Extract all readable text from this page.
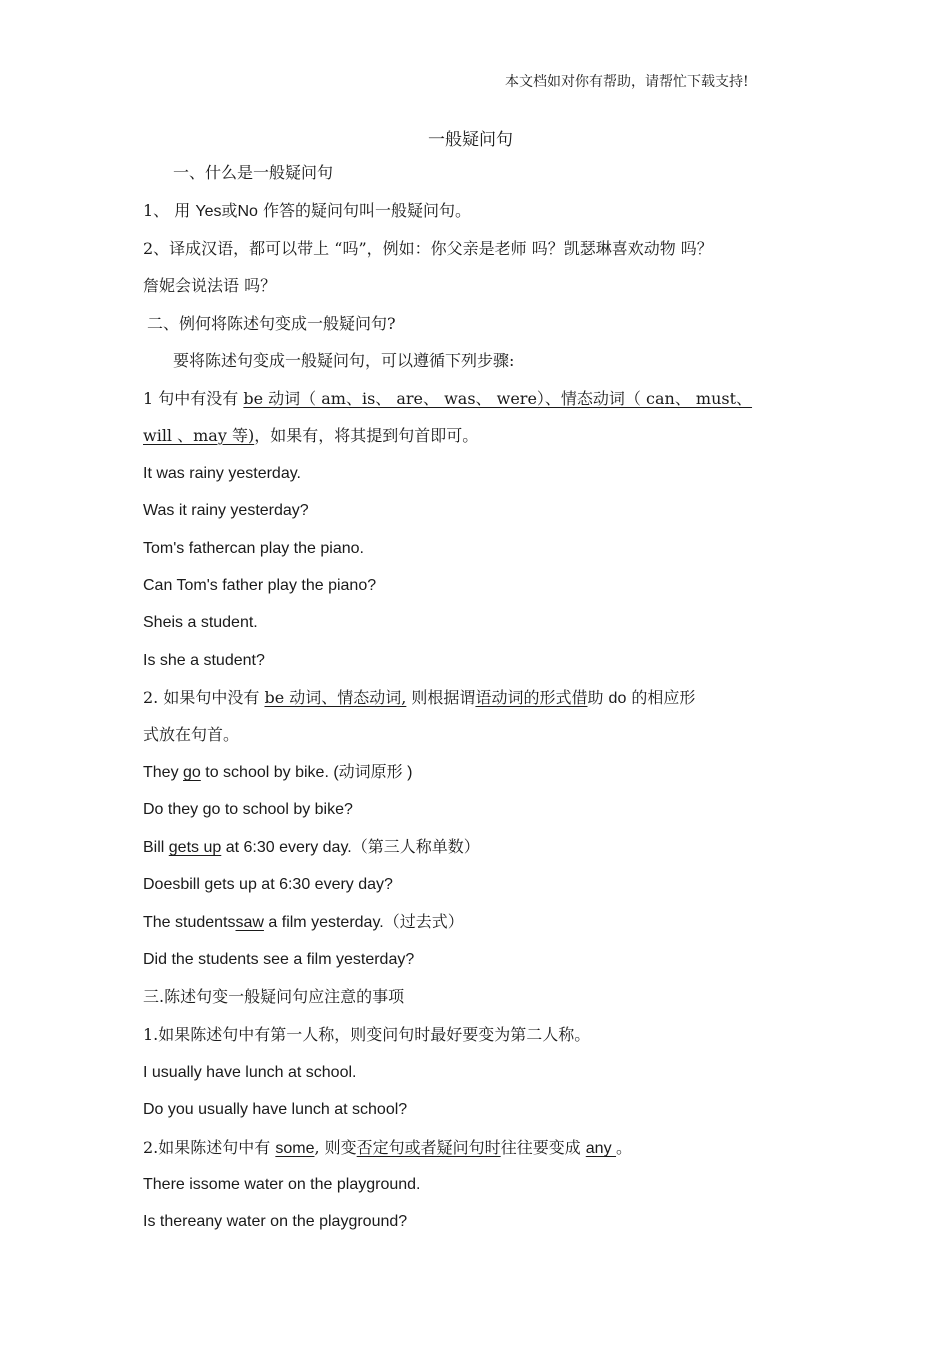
本文档如对你有帮助，请帮忙下载支持!
一般疑问句
一、什么是一般疑问句
1、 用 Yes或No 作答的疑问句叫一般疑问句。
2、译成汉语，都可以带上 “吗”，例如：你父亲是老师 吗？凯瑟琳喜欢动物 吗？
詹妮会说法语 吗？
二、例何将陈述句变成一般疑问句?
要将陈述句变成一般疑问句，可以遵循下列步骤:
1 句中有没有 be 动词（ am、is、 are、 was、 were）、情态动词（ can、 must、
will 、may 等)，如果有，将其提到句首即可。
It was rainy yesterday.
Was it rainy yesterday?
Tom's fathercan play the piano.
Can Tom's father play the piano?
Sheis a student.
Is she a student?
2. 如果句中没有 be 动词、情态动词, 则根据谓语动词的形式借助 do 的相应形
式放在句首。
They go to school by bike. (动词原形 )
Do they go to school by bike?
Bill gets up at 6:30 every day.（第三人称单数）
Doesbill gets up at 6:30 every day?
The studentssaw a film yesterday.（过去式）
Did the students see a film yesterday?
三.陈述句变一般疑问句应注意的事项
1.如果陈述句中有第一人称，则变问句时最好要变为第二人称。
I usually have lunch at school.
Do you usually have lunch at school?
2.如果陈述句中有 some, 则变否定句或者疑问句时往往要变成 any 。
There issome water on the playground.
Is thereany water on the playground?
